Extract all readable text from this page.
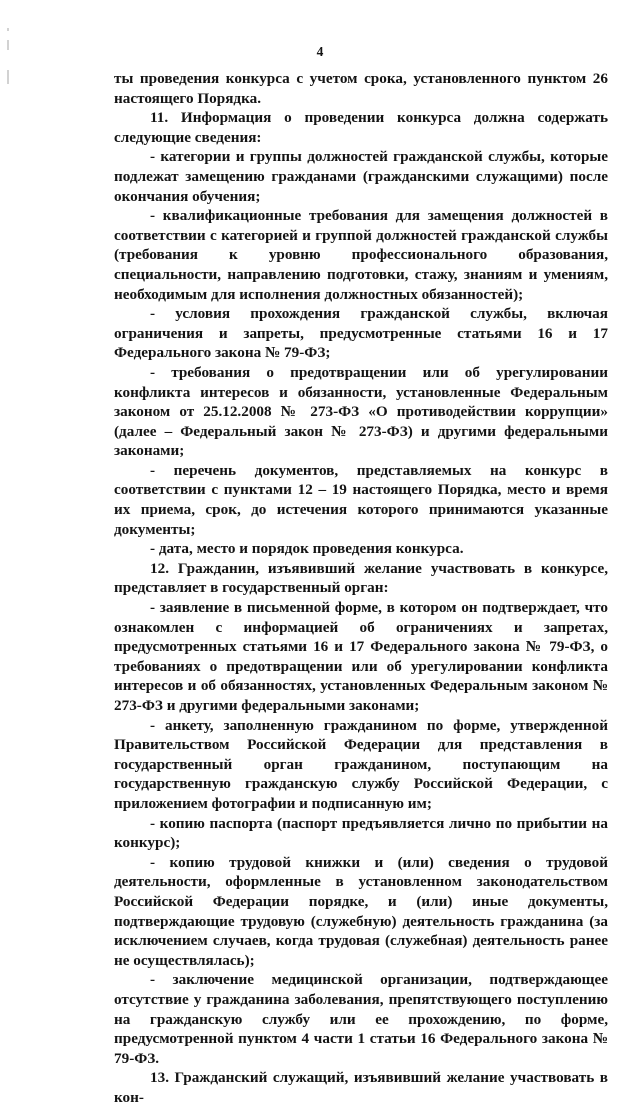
4

ты проведения конкурса с учетом срока, установленного пунктом 26 настоящего Порядка.

11. Информация о проведении конкурса должна содержать следующие сведения:

- категории и группы должностей гражданской службы, которые подлежат замещению гражданами (гражданскими служащими) после окончания обучения;

- квалификационные требования для замещения должностей в соответствии с категорией и группой должностей гражданской службы (требования к уровню профессионального образования, специальности, направлению подготовки, стажу, знаниям и умениям, необходимым для исполнения должностных обязанностей);

- условия прохождения гражданской службы, включая ограничения и запреты, предусмотренные статьями 16 и 17 Федерального закона № 79-ФЗ;

- требования о предотвращении или об урегулировании конфликта интересов и обязанности, установленные Федеральным законом от 25.12.2008 № 273-ФЗ «О противодействии коррупции» (далее – Федеральный закон № 273-ФЗ) и другими федеральными законами;

- перечень документов, представляемых на конкурс в соответствии с пунктами 12 – 19 настоящего Порядка, место и время их приема, срок, до истечения которого принимаются указанные документы;

- дата, место и порядок проведения конкурса.

12. Гражданин, изъявивший желание участвовать в конкурсе, представляет в государственный орган:

- заявление в письменной форме, в котором он подтверждает, что ознакомлен с информацией об ограничениях и запретах, предусмотренных статьями 16 и 17 Федерального закона № 79-ФЗ, о требованиях о предотвращении или об урегулировании конфликта интересов и об обязанностях, установленных Федеральным законом № 273-ФЗ и другими федеральными законами;

- анкету, заполненную гражданином по форме, утвержденной Правительством Российской Федерации для представления в государственный орган гражданином, поступающим на государственную гражданскую службу Российской Федерации, с приложением фотографии и подписанную им;

- копию паспорта (паспорт предъявляется лично по прибытии на конкурс);

- копию трудовой книжки и (или) сведения о трудовой деятельности, оформленные в установленном законодательством Российской Федерации порядке, и (или) иные документы, подтверждающие трудовую (служебную) деятельность гражданина (за исключением случаев, когда трудовая (служебная) деятельность ранее не осуществлялась);

- заключение медицинской организации, подтверждающее отсутствие у гражданина заболевания, препятствующего поступлению на гражданскую службу или ее прохождению, по форме, предусмотренной пунктом 4 части 1 статьи 16 Федерального закона № 79-ФЗ.

13. Гражданский служащий, изъявивший желание участвовать в кон-
